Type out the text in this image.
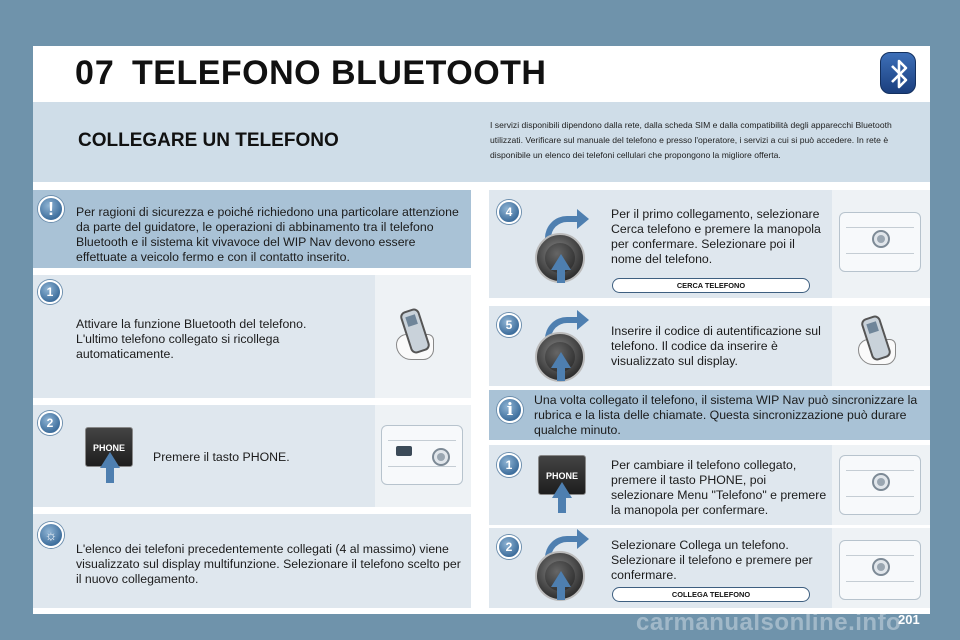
07 TELEFONO BLUETOOTH
COLLEGARE UN TELEFONO
I servizi disponibili dipendono dalla rete, dalla scheda SIM e dalla compatibilità degli apparecchi Bluetooth utilizzati. Verificare sul manuale del telefono e presso l'operatore, i servizi a cui si può accedere. In rete è disponibile un elenco dei telefoni cellulari che propongono la migliore offerta.
!	Per ragioni di sicurezza e poiché richiedono una particolare attenzione da parte del guidatore, le operazioni di abbinamento tra il telefono Bluetooth e il sistema kit vivavoce del WIP Nav devono essere effettuate a veicolo fermo e con il contatto inserito.
1
Attivare la funzione Bluetooth del telefono. L'ultimo telefono collegato si ricollega automaticamente.
2
PHONE
Premere il tasto PHONE.
☼
L'elenco dei telefoni precedentemente collegati (4 al massimo) viene visualizzato sul display multifunzione. Selezionare il telefono scelto per il nuovo collegamento.
4	Per il primo collegamento, selezionare Cerca telefono e premere la manopola per confermare. Selezionare poi il nome del telefono.
CERCA TELEFONO
5	Inserire il codice di autentificazione sul telefono. Il codice da inserire è visualizzato sul display.
i	Una volta collegato il telefono, il sistema WIP Nav può sincronizzare la rubrica e la lista delle chiamate. Questa sincronizzazione può durare qualche minuto.
1
PHONE
Per cambiare il telefono collegato, premere il tasto PHONE, poi selezionare Menu "Telefono" e premere la manopola per confermare.
2	Selezionare Collega un telefono. Selezionare il telefono e premere per confermare.
COLLEGA TELEFONO
carmanualsonline.info
201
